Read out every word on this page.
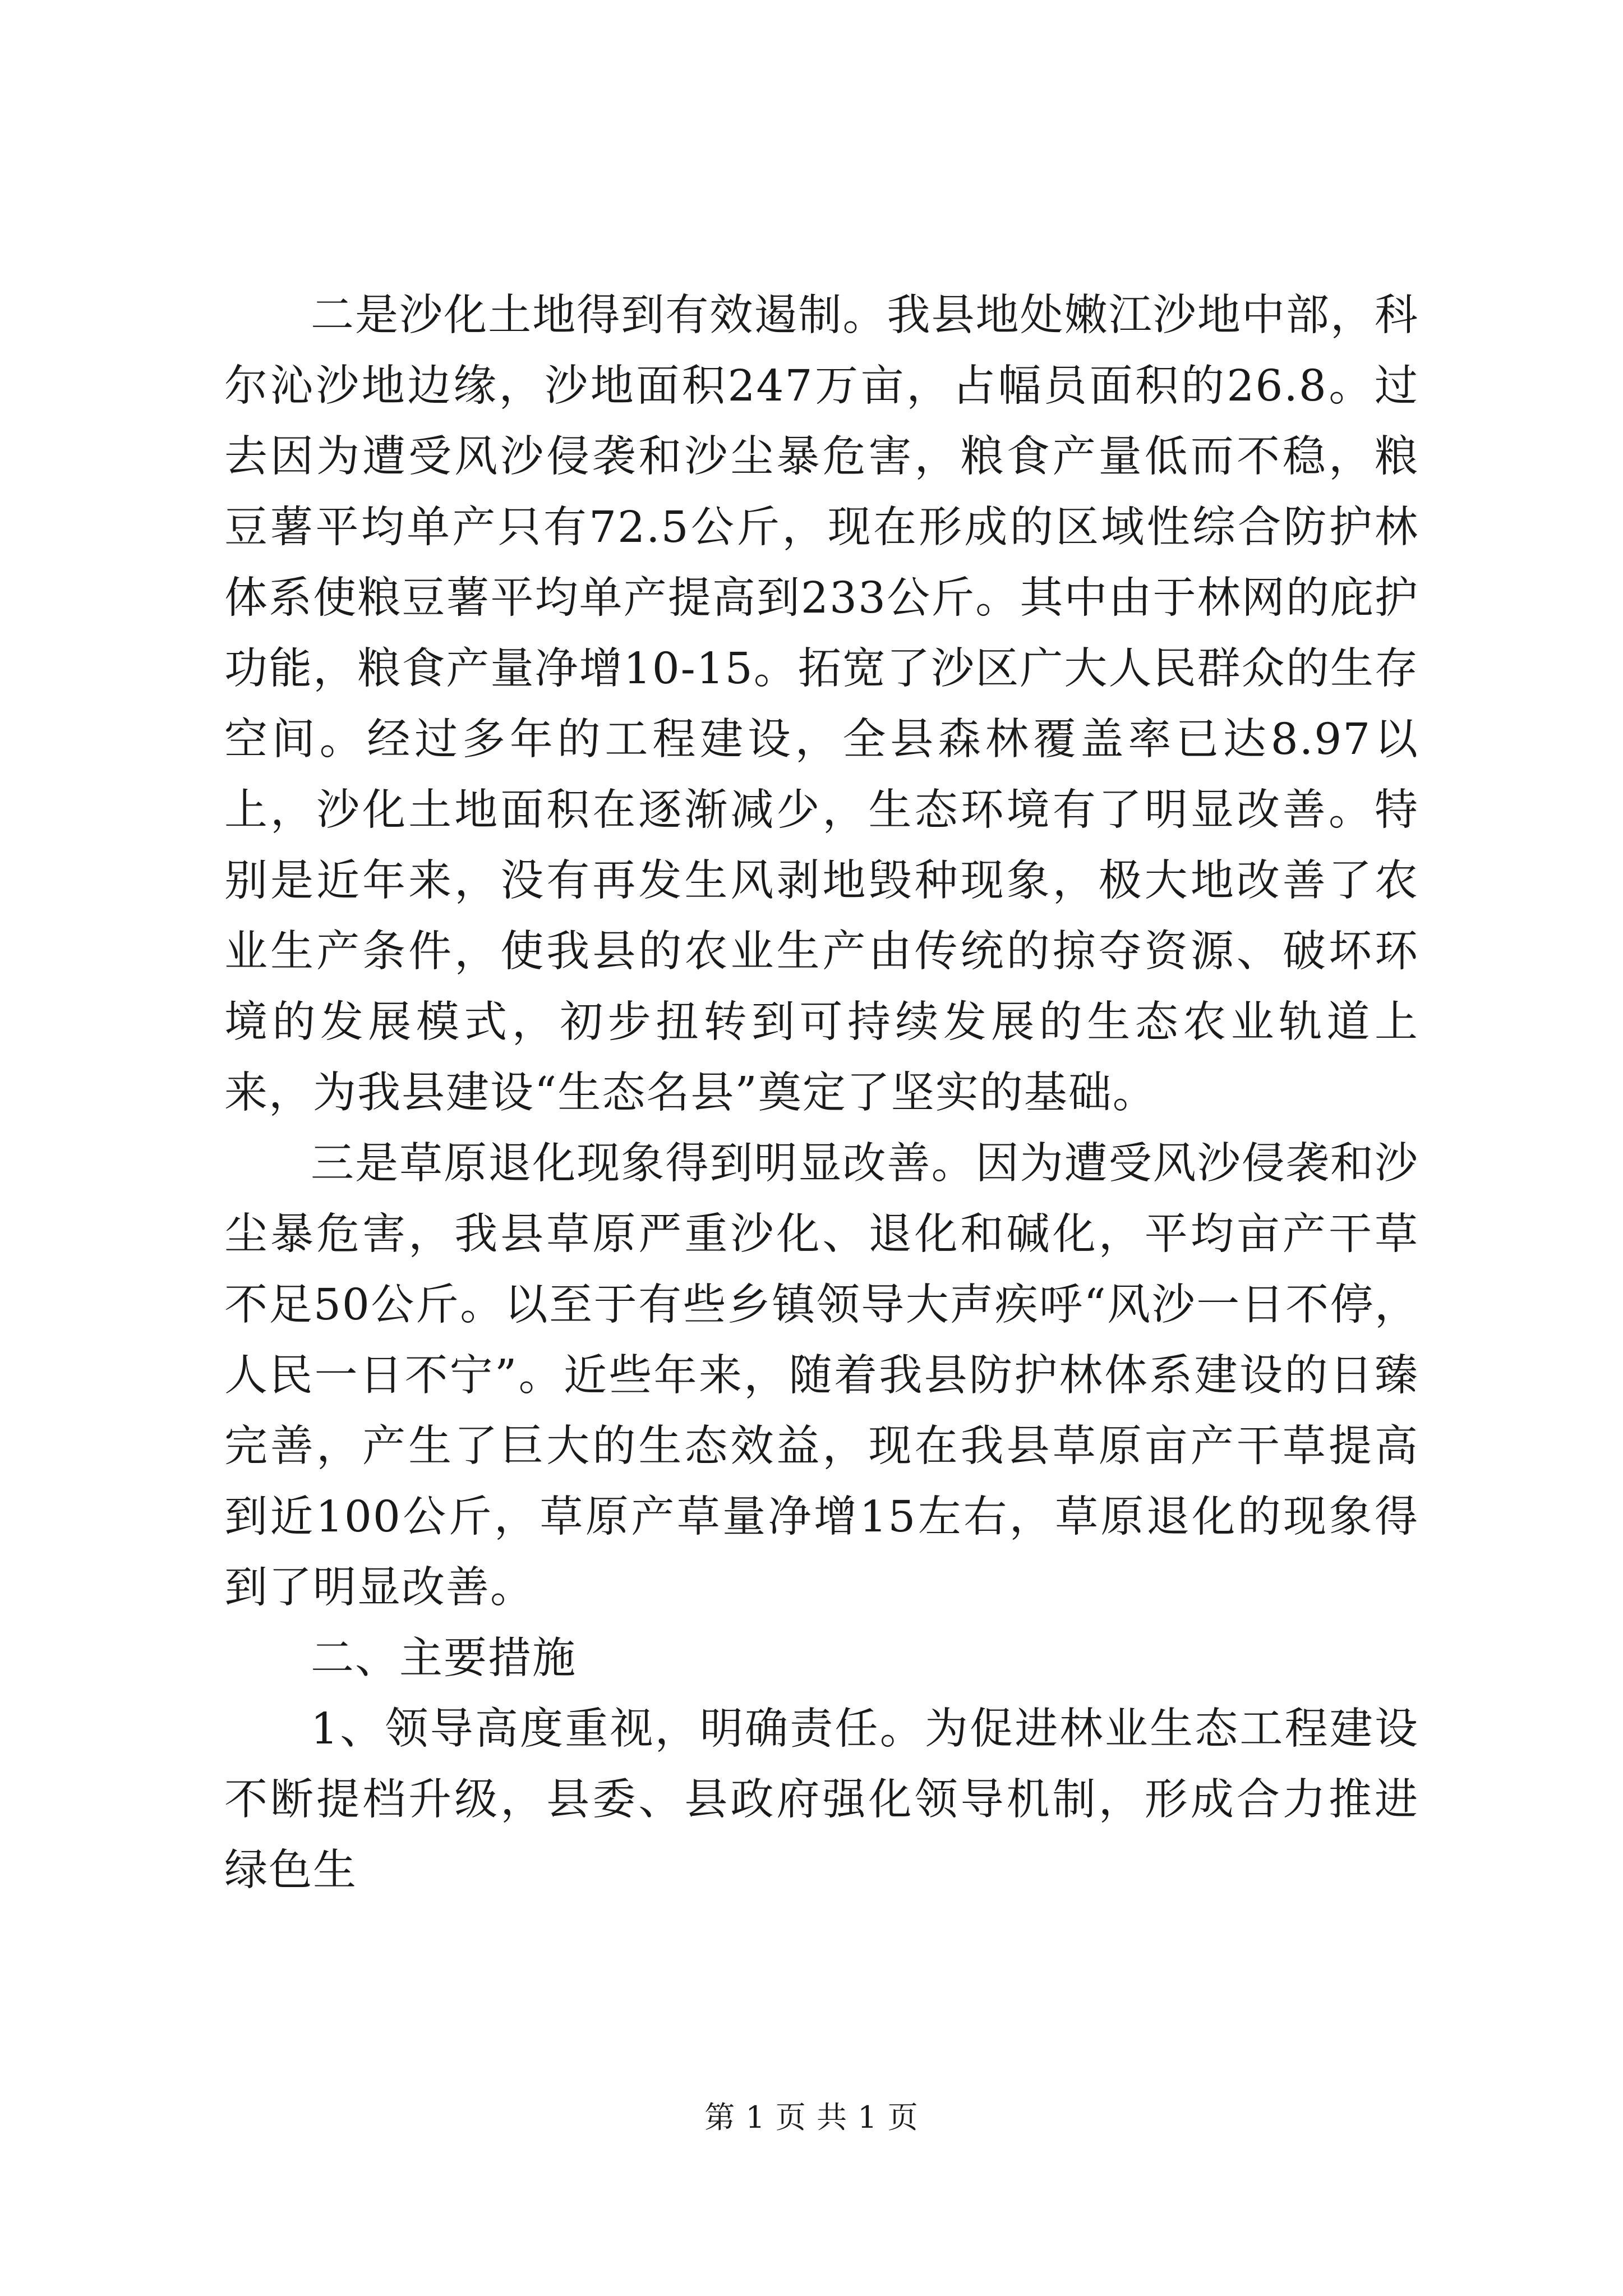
二是沙化土地得到有效遏制。我县地处嫩江沙地中部，科尔沁沙地边缘，沙地面积247万亩，占幅员面积的26.8。过去因为遭受风沙侵袭和沙尘暴危害，粮食产量低而不稳，粮豆薯平均单产只有72.5公斤，现在形成的区域性综合防护林体系使粮豆薯平均单产提高到233公斤。其中由于林网的庇护功能，粮食产量净增10-15。拓宽了沙区广大人民群众的生存空间。经过多年的工程建设，全县森林覆盖率已达8.97以上，沙化土地面积在逐渐减少，生态环境有了明显改善。特别是近年来，没有再发生风剥地毁种现象，极大地改善了农业生产条件，使我县的农业生产由传统的掠夺资源、破坏环境的发展模式，初步扭转到可持续发展的生态农业轨道上来，为我县建设“生态名县”奠定了坚实的基础。

三是草原退化现象得到明显改善。因为遭受风沙侵袭和沙尘暴危害，我县草原严重沙化、退化和碱化，平均亩产干草不足50公斤。以至于有些乡镇领导大声疾呼“风沙一日不停，人民一日不宁”。近些年来，随着我县防护林体系建设的日臻完善，产生了巨大的生态效益，现在我县草原亩产干草提高到近100公斤，草原产草量净增15左右，草原退化的现象得到了明显改善。

二、主要措施

1、领导高度重视，明确责任。为促进林业生态工程建设不断提档升级，县委、县政府强化领导机制，形成合力推进绿色生

第 1 页 共 1 页
